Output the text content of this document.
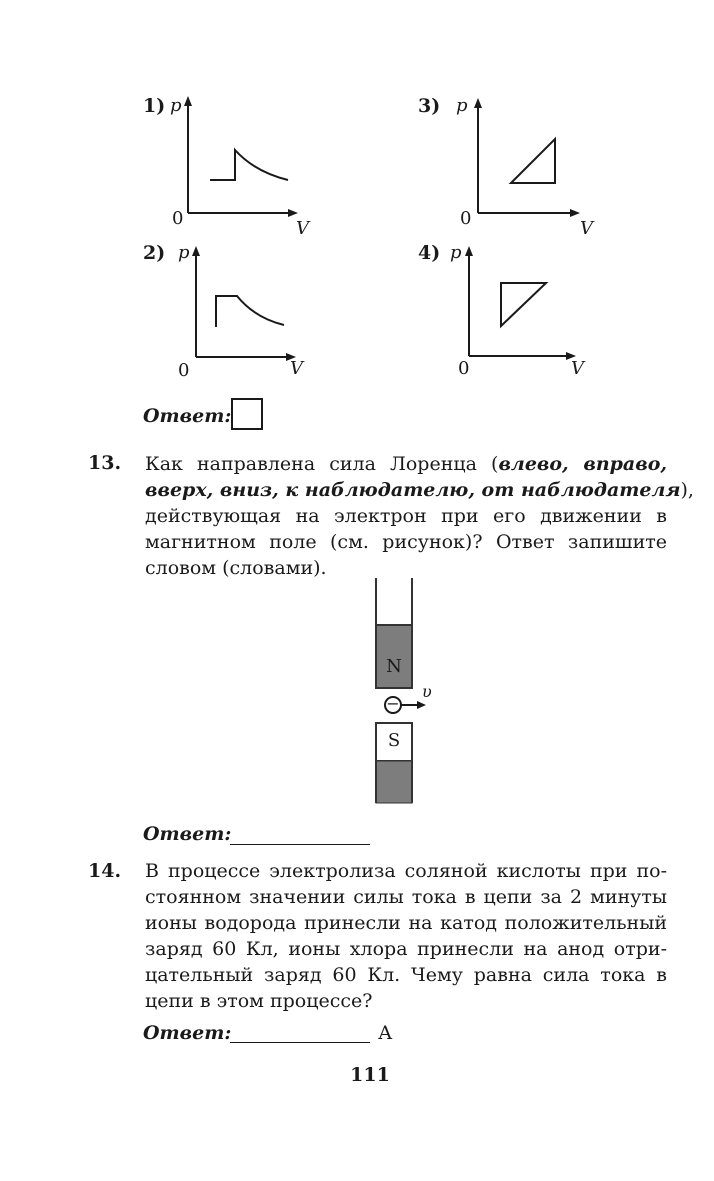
1) p
0	V
3) p
0	V
2) p
0	V
4) p
0	V
Ответ:
13. Как направлена сила Лоренца (влево, вправо,
вверх, вниз, к наблюдателю, от наблюдателя),
действующая на электрон при его движении в
магнитном поле (см. рисунок)? Ответ запишите
словом (словами).
N
S
−
υ
Ответ:
14. В процессе электролиза соляной кислоты при по-
стоянном значении силы тока в цепи за 2 минуты
ионы водорода принесли на катод положительный
заряд 60 Кл, ионы хлора принесли на анод отри-
цательный заряд 60 Кл. Чему равна сила тока в
цепи в этом процессе?
Ответ:	А
111
